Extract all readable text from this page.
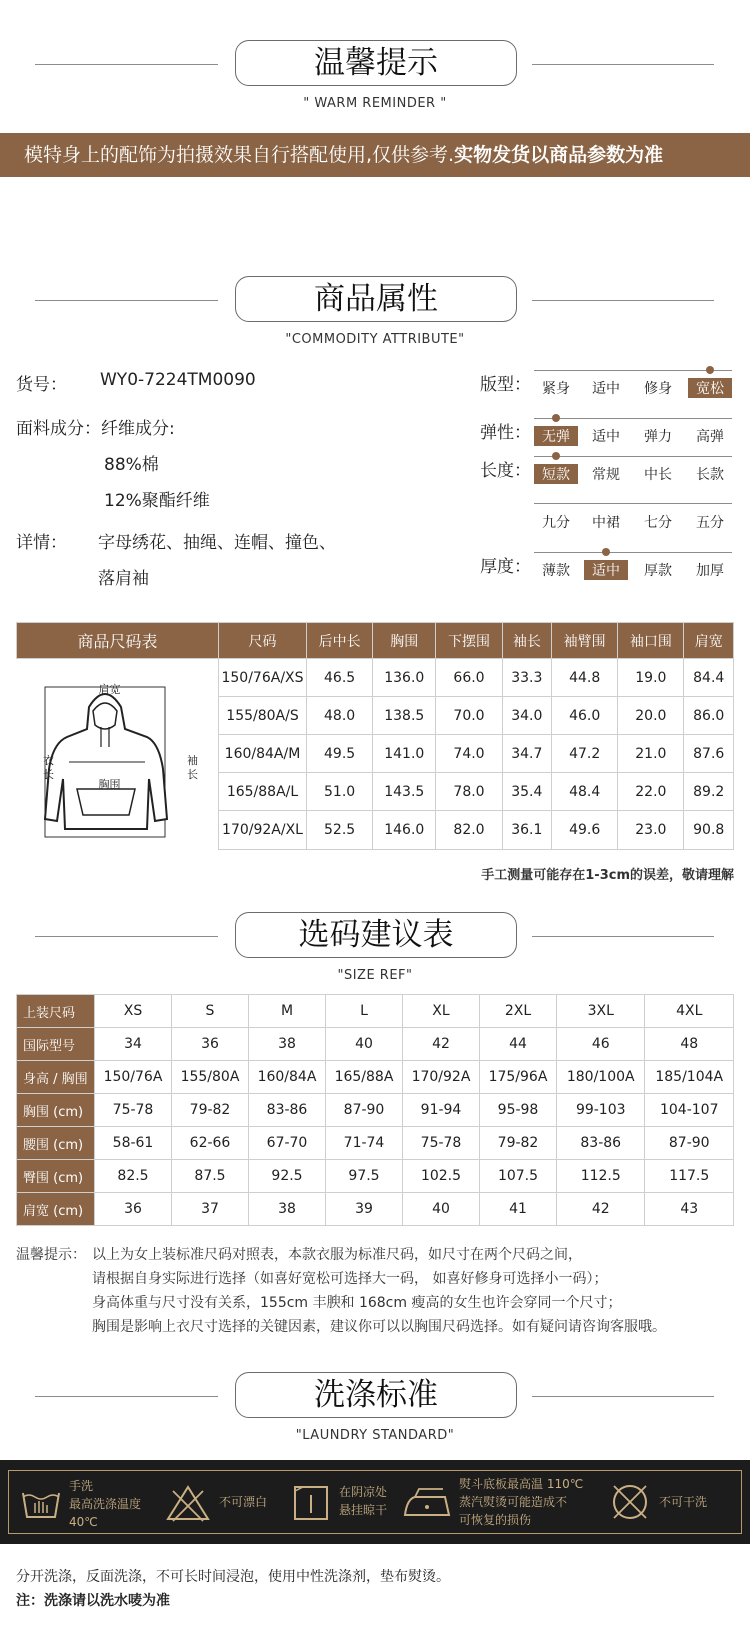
温馨提示
" WARM REMINDER "
模特身上的配饰为拍摄效果自行搭配使用,仅供参考.实物发货以商品参数为准
商品属性
"COMMODITY ATTRIBUTE"
货号： WY0-7224TM0090
面料成分：纤维成分:
88%棉
12%聚酯纤维
详情： 字母绣花、抽绳、连帽、撞色、
落肩袖
版型： 紧身	适中	修身	宽松
弹性： 无弹	适中	弹力	高弹
长度： 短款	常规	中长	长款
九分	中裙	七分	五分
厚度： 薄款	适中	厚款	加厚
商品尺码表	尺码	后中长	胸围	下摆围	袖长	袖臂围	袖口围	肩宽

肩宽
衣长
胸围
袖长	150/76A/XS	46.5	136.0	66.0	33.3	44.8	19.0	84.4
	155/80A/S	48.0	138.5	70.0	34.0	46.0	20.0	86.0
	160/84A/M	49.5	141.0	74.0	34.7	47.2	21.0	87.6
	165/88A/L	51.0	143.5	78.0	35.4	48.4	22.0	89.2
	170/92A/XL	52.5	146.0	82.0	36.1	49.6	23.0	90.8
手工测量可能存在1-3cm的误差，敬请理解
选码建议表
"SIZE REF"
上装尺码	XS	S	M	L	XL	2XL	3XL	4XL
国际型号	34	36	38	40	42	44	46	48
身高 / 胸围	150/76A	155/80A	160/84A	165/88A	170/92A	175/96A	180/100A	185/104A
胸围 (cm)	75-78	79-82	83-86	87-90	91-94	95-98	99-103	104-107
腰围 (cm)	58-61	62-66	67-70	71-74	75-78	79-82	83-86	87-90
臀围 (cm)	82.5	87.5	92.5	97.5	102.5	107.5	112.5	117.5
肩宽 (cm)	36	37	38	39	40	41	42	43
温馨提示： 以上为女上装标准尺码对照表，本款衣服为标准尺码，如尺寸在两个尺码之间，
请根据自身实际进行选择（如喜好宽松可选择大一码， 如喜好修身可选择小一码）；
身高体重与尺寸没有关系，155cm 丰腴和 168cm 瘦高的女生也许会穿同一个尺寸；
胸围是影响上衣尺寸选择的关键因素，建议你可以以胸围尺码选择。如有疑问请咨询客服哦。
洗涤标准
"LAUNDRY STANDARD"
手洗
最高洗涤温度
40℃
不可漂白
在阴凉处
悬挂晾干
熨斗底板最高温 110℃
蒸汽熨烫可能造成不
可恢复的损伤
不可干洗
分开洗涤，反面洗涤，不可长时间浸泡，使用中性洗涤剂，垫布熨烫。
注：洗涤请以洗水唛为准
